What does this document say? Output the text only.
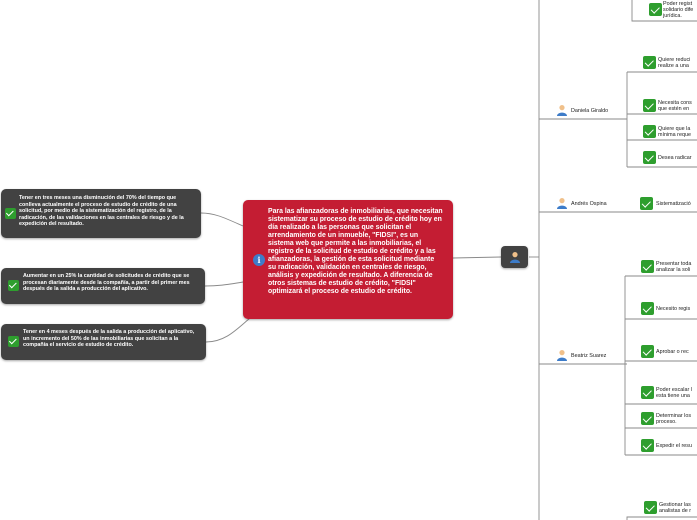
Tener en tres meses una disminución del 70% del tiempo que conlleva actualmente el proceso de estudio de crédito de una solicitud, por medio de la sistematización del registro, de la radicación, de las validaciones en las centrales de riesgo y de la expedición del resultado.
Aumentar en un 25% la cantidad de solicitudes de crédito que se procesan diariamente desde la compañía, a partir del primer mes después de la salida a producción del aplicativo.
Tener en 4 meses después de la salida a producción del aplicativo, un incremento del 50% de las inmobiliarias que solicitan a la compañía el servicio de estudio de crédito.
i
Para las afianzadoras de inmobiliarias, que necesitan sistematizar su proceso de estudio de crédito hoy en día realizado a las personas que solicitan el arrendamiento de un inmueble, "FIDSI", es un sistema web que permite a las inmobiliarias, el registro de la solicitud de estudio de crédito y a las afianzadoras, la gestión de esta solicitud mediante su radicación, validación en centrales de riesgo, análisis y expedición de resultado. A diferencia de otros sistemas de estudio de crédito, "FIDSI" optimizará el proceso de estudio de crédito.
Daniela Giraldo
Andrés Ospina
Beatriz Suarez
Poder regist
solidario dife
jurídica.
Quiere reduci
realize a una
Necesita cons
que estén en
Quiere que la
mínima reque
Desea radicar
Sistematizació
Presentar toda
analizar la soli
Necesito regis
Aprobar o rec
Poder escalar l
esta tiene una
Determinar los
proceso.
Expedir el resu
Gestionar las
analistas de r
